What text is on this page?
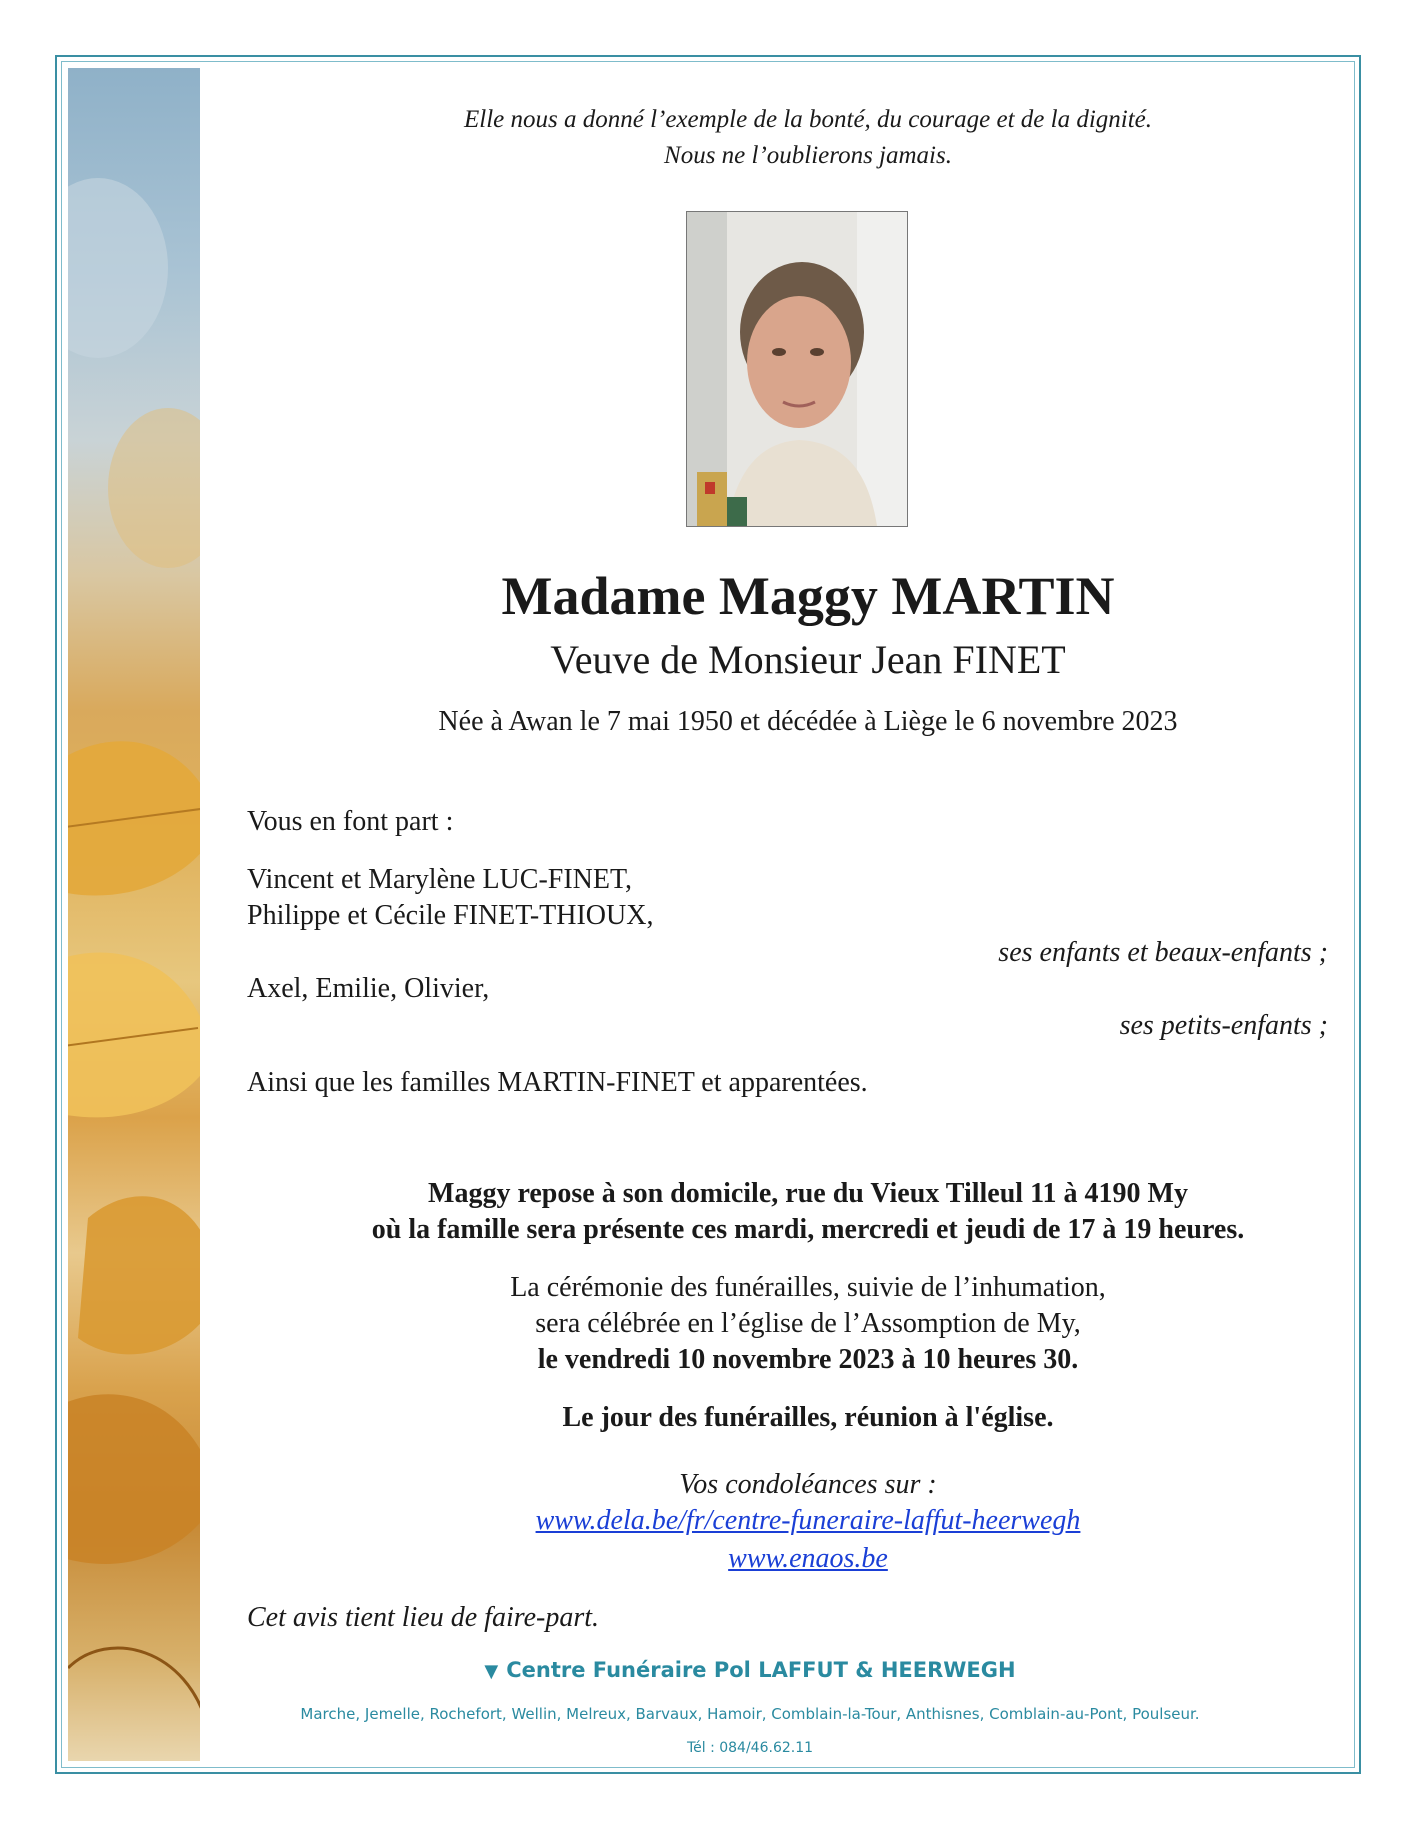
Elle nous a donné l’exemple de la bonté, du courage et de la dignité.
Nous ne l’oublierons jamais.
Madame Maggy MARTIN
Veuve de Monsieur Jean FINET
Née à Awan le 7 mai 1950 et décédée à Liège le 6 novembre 2023
Vous en font part :
Vincent et Marylène LUC-FINET,
Philippe et Cécile FINET-THIOUX,
ses enfants et beaux-enfants ;
Axel, Emilie, Olivier,
ses petits-enfants ;
Ainsi que les familles MARTIN-FINET et apparentées.
Maggy repose à son domicile, rue du Vieux Tilleul 11 à 4190 My
où la famille sera présente ces mardi, mercredi et jeudi de 17 à 19 heures.
La cérémonie des funérailles, suivie de l’inhumation,
sera célébrée en l’église de l’Assomption de My,
le vendredi 10 novembre 2023 à 10 heures 30.
Le jour des funérailles, réunion à l'église.
Vos condoléances sur :
www.dela.be/fr/centre-funeraire-laffut-heerwegh
www.enaos.be
Cet avis tient lieu de faire-part.
▼ Centre Funéraire Pol LAFFUT & HEERWEGH
Marche, Jemelle, Rochefort, Wellin, Melreux, Barvaux, Hamoir, Comblain-la-Tour, Anthisnes, Comblain-au-Pont, Poulseur.
Tél : 084/46.62.11
